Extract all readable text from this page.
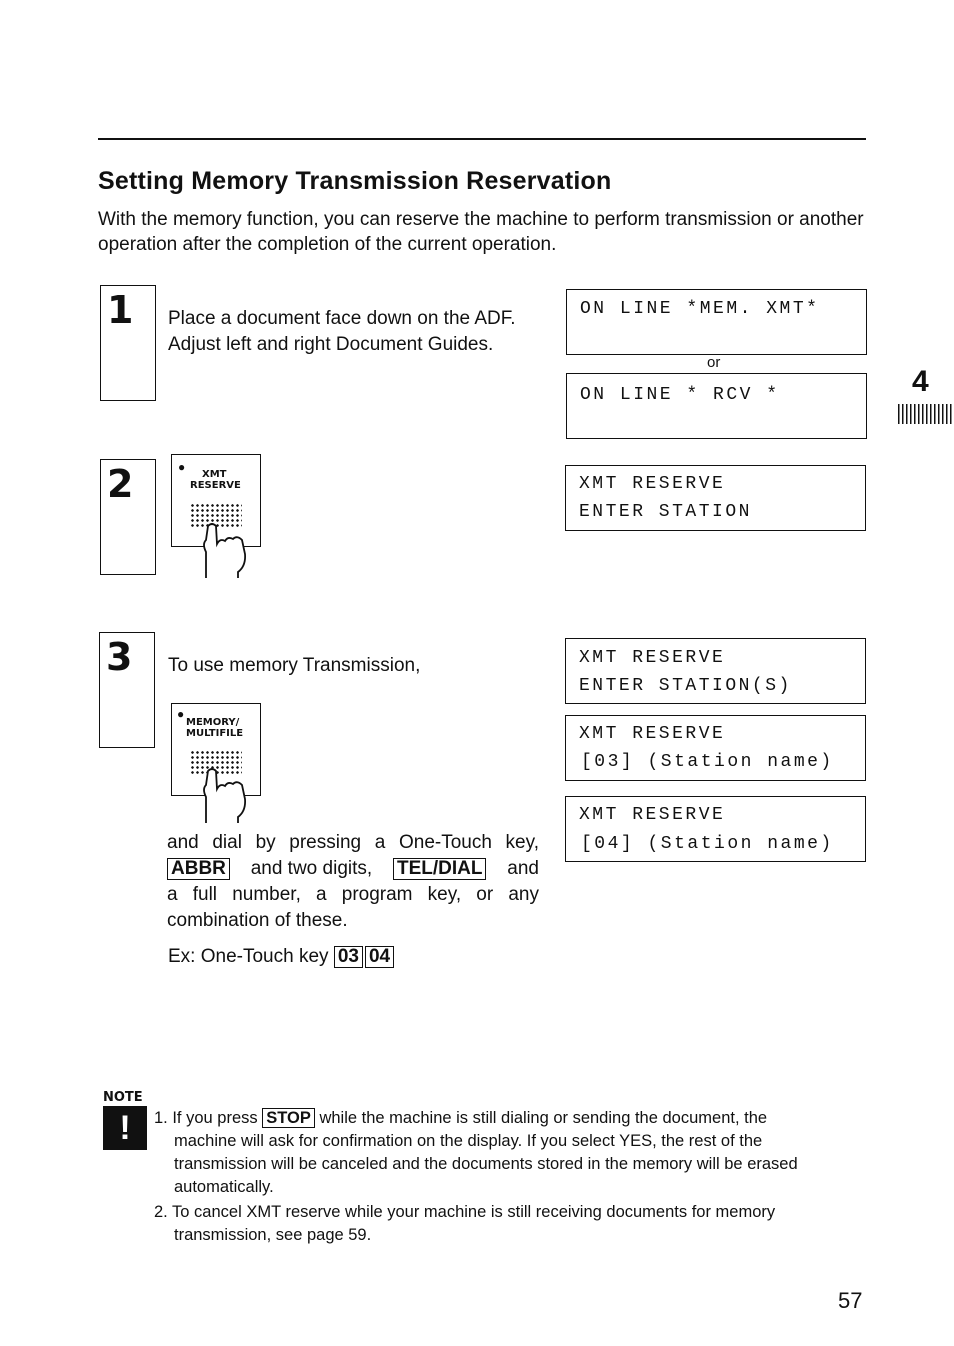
Setting Memory Transmission Reservation
With the memory function, you can reserve the machine to perform transmission or another operation after the completion of the current operation.
4
1 Place a document face down on the ADF.
Adjust left and right Document Guides.
ON LINE *MEM. XMT*
or
ON LINE * RCV *
2	●
XMT
RESERVE	XMT RESERVE
ENTER STATION
3 To use memory Transmission,
●
MEMORY/
MULTIFILE
and dial by pressing a One-Touch key,
ABBR and two digits, TEL/DIAL and
a full number, a program key, or any
combination of these.
Ex: One-Touch key 03 04
XMT RESERVE
ENTER STATION(S)
XMT RESERVE
[03] (Station name)
XMT RESERVE
[04] (Station name)
NOTE
!	1. If you press STOP while the machine is still dialing or sending the document, the
machine will ask for confirmation on the display. If you select YES, the rest of the
transmission will be canceled and the documents stored in the memory will be erased
automatically.
2. To cancel XMT reserve while your machine is still receiving documents for memory
transmission, see page 59.
57
